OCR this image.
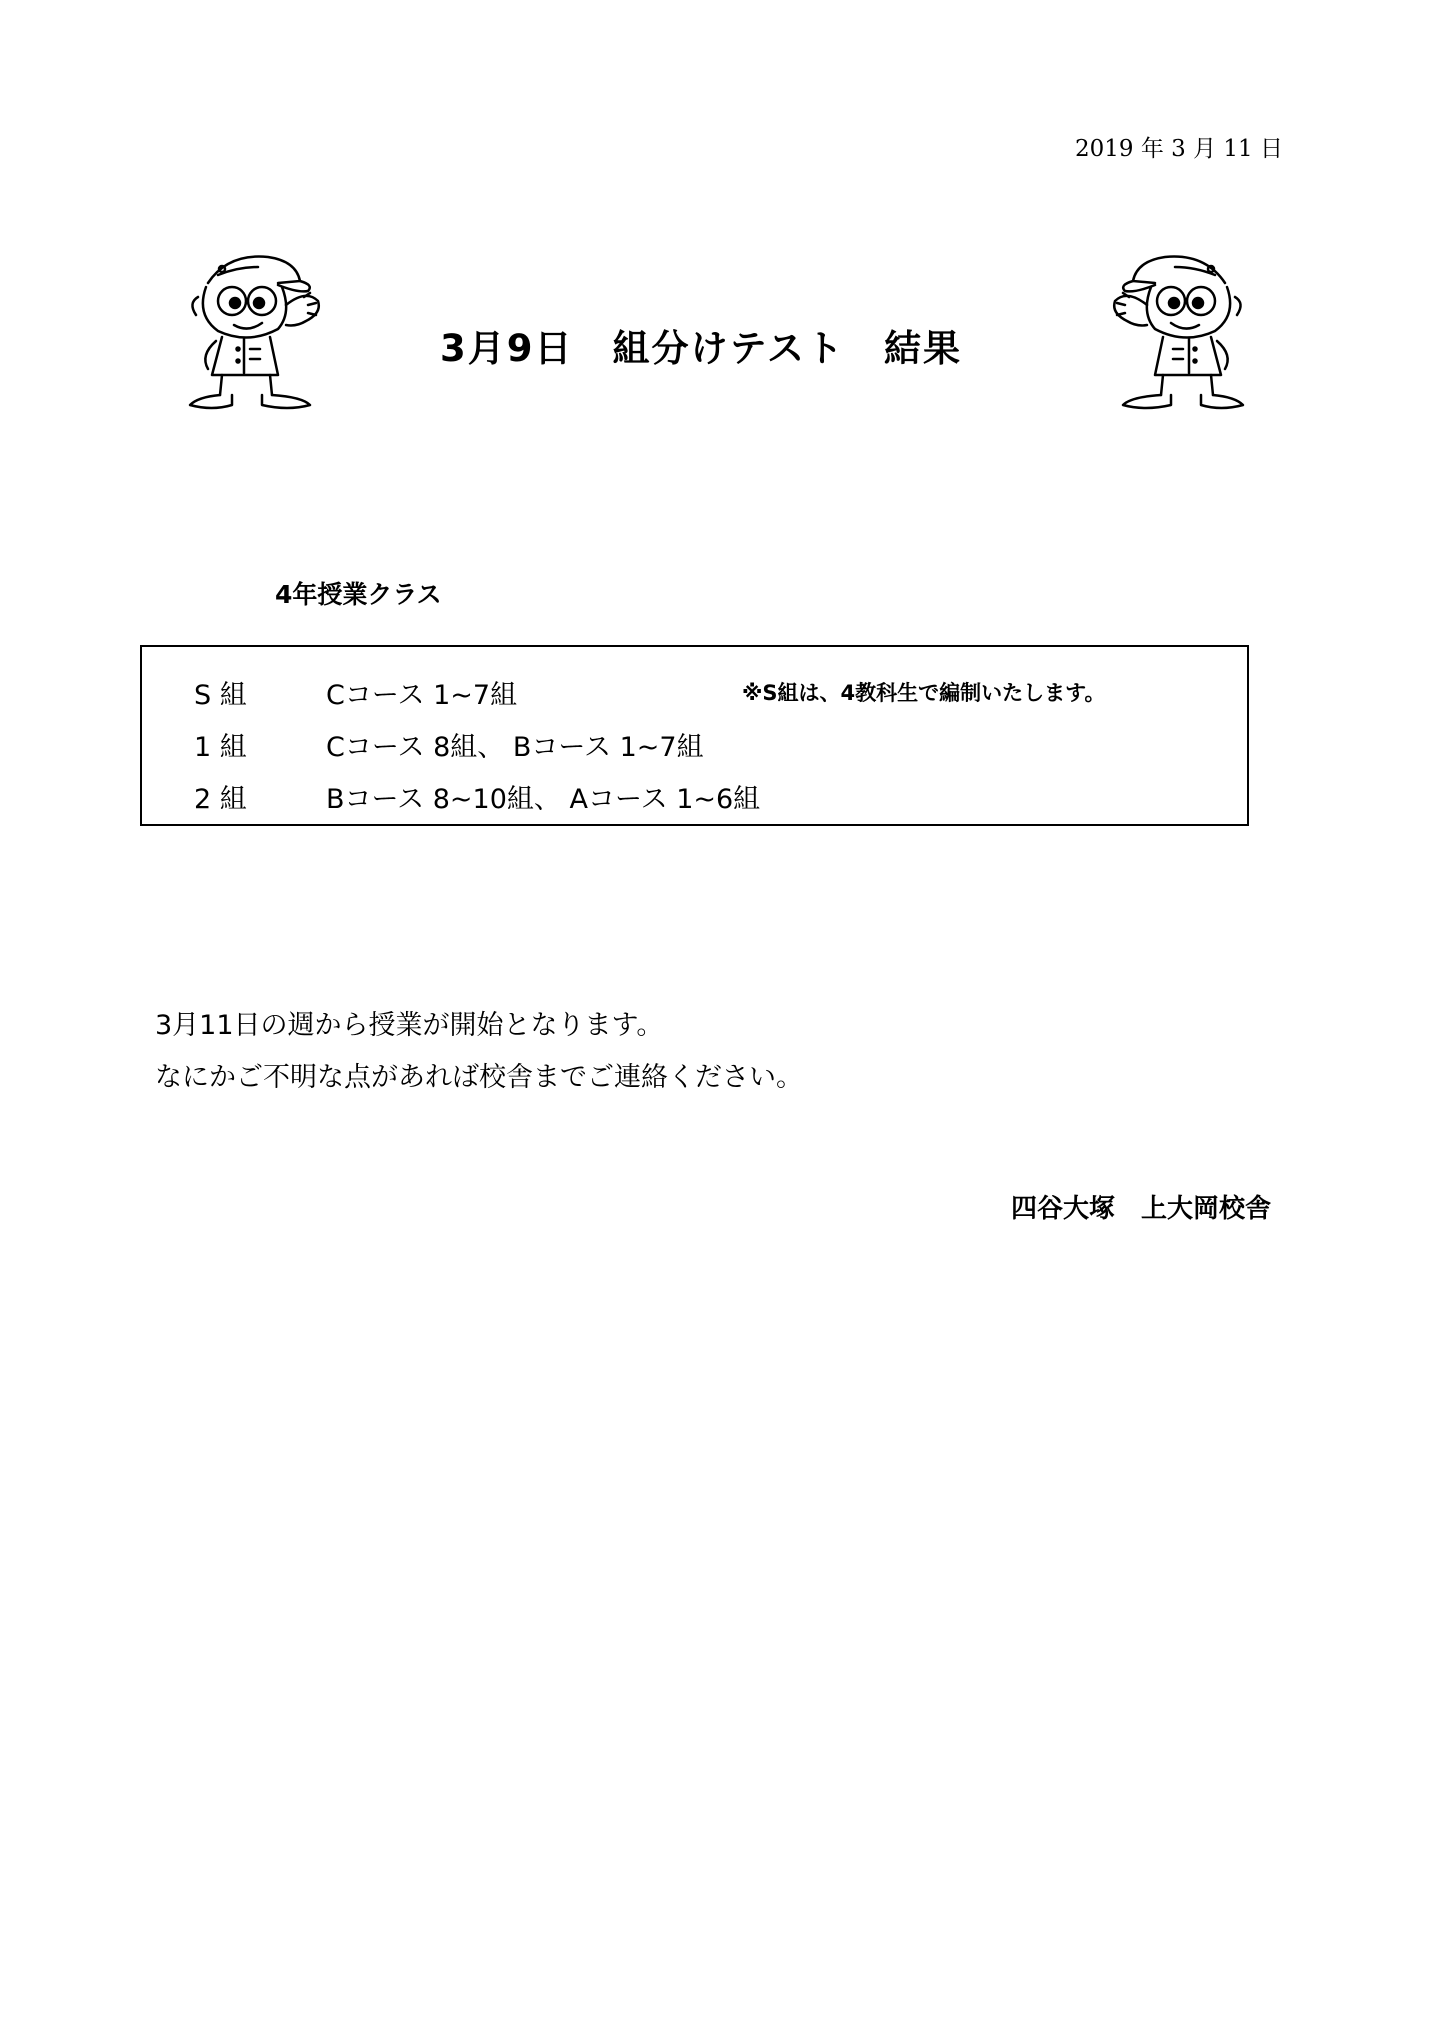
2019 年 3 月 11 日
3月9日　組分けテスト　結果
4年授業クラス
S 組	Cコース 1~7組	※S組は、4教科生で編制いたします。
1 組	Cコース 8組、 Bコース 1~7組
2 組	Bコース 8~10組、 Aコース 1~6組
3月11日の週から授業が開始となります。
なにかご不明な点があれば校舎までご連絡ください。
四谷大塚　上大岡校舎
